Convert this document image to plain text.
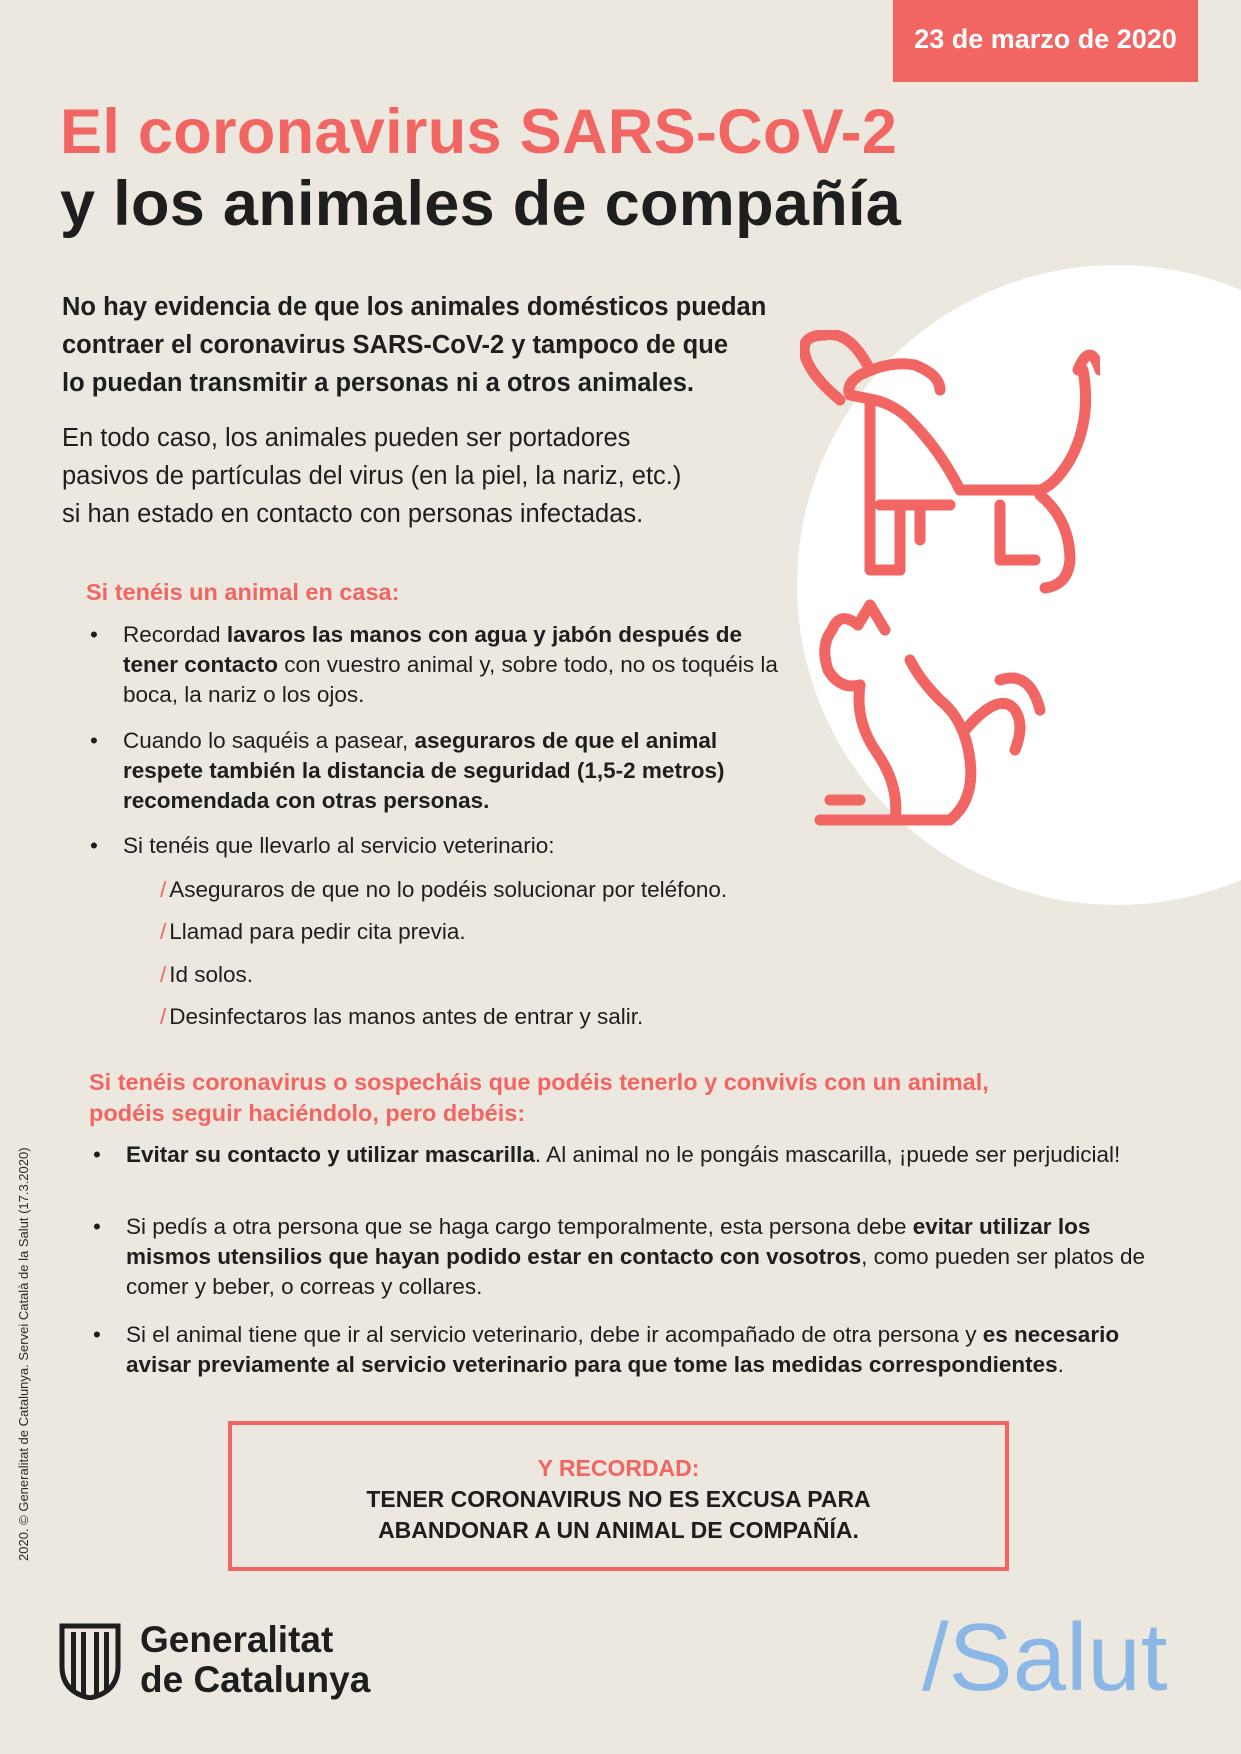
23 de marzo de 2020
El coronavirus SARS-CoV-2
y los animales de compañía
No hay evidencia de que los animales domésticos puedan
contraer el coronavirus SARS-CoV-2 y tampoco de que
lo puedan transmitir a personas ni a otros animales.
En todo caso, los animales pueden ser portadores
pasivos de partículas del virus (en la piel, la nariz, etc.)
si han estado en contacto con personas infectadas.
Si tenéis un animal en casa:
• Recordad lavaros las manos con agua y jabón después de tener contacto con vuestro animal y, sobre todo, no os toquéis la boca, la nariz o los ojos.
• Cuando lo saquéis a pasear, aseguraros de que el animal respete también la distancia de seguridad (1,5-2 metros) recomendada con otras personas.
• Si tenéis que llevarlo al servicio veterinario:
/ Aseguraros de que no lo podéis solucionar por teléfono.
/ Llamad para pedir cita previa.
/ Id solos.
/ Desinfectaros las manos antes de entrar y salir.
Si tenéis coronavirus o sospecháis que podéis tenerlo y convivís con un animal, podéis seguir haciéndolo, pero debéis:
• Evitar su contacto y utilizar mascarilla. Al animal no le pongáis mascarilla, ¡puede ser perjudicial!
• Si pedís a otra persona que se haga cargo temporalmente, esta persona debe evitar utilizar los mismos utensilios que hayan podido estar en contacto con vosotros, como pueden ser platos de comer y beber, o correas y collares.
• Si el animal tiene que ir al servicio veterinario, debe ir acompañado de otra persona y es necesario avisar previamente al servicio veterinario para que tome las medidas correspondientes.
Y RECORDAD:
TENER CORONAVIRUS NO ES EXCUSA PARA
ABANDONAR A UN ANIMAL DE COMPAÑÍA.
2020. © Generalitat de Catalunya. Servei Català de la Salut (17.3.2020)
Generalitat
de Catalunya	/Salut
